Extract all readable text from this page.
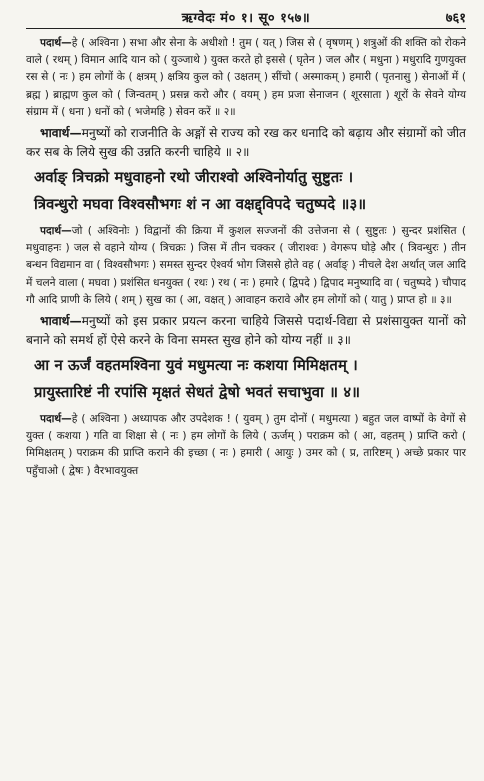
ऋग्वेदः मं० १। सू० १५७॥	७६१

पदार्थ—हे ( अश्विना ) सभा और सेना के अधीशो ! तुम ( यत् ) जिस से ( वृषणम् ) शत्रुओं की शक्ति को रोकने वाले ( रथम् ) विमान आदि यान को ( युञ्जाथे ) युक्त करते हो इससे ( घृतेन ) जल और ( मधुना ) मधुरादि गुणयुक्त रस से ( नः ) हम लोगों के ( क्षत्रम् ) क्षत्रिय कुल को ( उक्षतम् ) सींचो ( अस्माकम् ) हमारी ( पृतनासु ) सेनाओं में ( ब्रह्म ) ब्राह्मण कुल को ( जिन्वतम् ) प्रसन्न करो और ( वयम् ) हम प्रजा सेनाजन ( शूरसाता ) शूरों के सेवने योग्य संग्राम में ( धना ) धनों को ( भजेमहि ) सेवन करें ॥ २॥

भावार्थ—मनुष्यों को राजनीति के अङ्गों से राज्य को रख कर धनादि को बढ़ाय और संग्रामों को जीत कर सब के लिये सुख की उन्नति करनी चाहिये ॥ २॥

अर्वाङ् त्रिचक्रो मधुवाहनो रथो जीराश्वो अश्विनोर्यातु सुष्टुतः ।
त्रिवन्धुरो मघवा विश्वसौभगः शं न आ वक्षद्द्विपदे चतुष्पदे ॥३॥

पदार्थ—जो ( अश्विनोः ) विद्वानों की क्रिया में कुशल सज्जनों की उत्तेजना से ( सुष्टुतः ) सुन्दर प्रशंसित ( मधुवाहनः ) जल से वहाने योग्य ( त्रिचक्रः ) जिस में तीन चक्कर ( जीराश्वः ) वेगरूप घोड़े और ( त्रिवन्धुरः ) तीन बन्धन विद्यमान वा ( विश्वसौभगः ) समस्त सुन्दर ऐश्वर्य भोग जिससे होते वह ( अर्वाङ् ) नीचले देश अर्थात् जल आदि में चलने वाला ( मघवा ) प्रशंसित धनयुक्त ( रथः ) रथ ( नः ) हमारे ( द्विपदे ) द्विपाद मनुष्यादि वा ( चतुष्पदे ) चौपाद गौ आदि प्राणी के लिये ( शम् ) सुख का ( आ, वक्षत् ) आवाहन करावे और हम लोगों को ( यातु ) प्राप्त हो ॥ ३॥

भावार्थ—मनुष्यों को इस प्रकार प्रयत्न करना चाहिये जिससे पदार्थ-विद्या से प्रशंसायुक्त यानों को बनाने को समर्थ हों ऐसे करने के विना समस्त सुख होने को योग्य नहीं ॥ ३॥

आ न ऊर्जं वहतमश्विना युवं मधुमत्या नः कशया मिमिक्षतम् ।
प्रायुस्तारिष्टं नी रपांसि मृक्षतं सेधतं द्वेषो भवतं सचाभुवा ॥ ४॥

पदार्थ—हे ( अश्विना ) अध्यापक और उपदेशक ! ( युवम् ) तुम दोनों ( मधुमत्या ) बहुत जल वाष्पों के वेगों से युक्त ( कशया ) गति वा शिक्षा से ( नः ) हम लोगों के लिये ( ऊर्जम् ) पराक्रम को ( आ, वहतम् ) प्राप्ति करो ( मिमिक्षतम् ) पराक्रम की प्राप्ति कराने की इच्छा ( नः ) हमारी ( आयुः ) उमर को ( प्र, तारिष्टम् ) अच्छे प्रकार पार पहुँचाओ ( द्वेषः ) वैरभावयुक्त
